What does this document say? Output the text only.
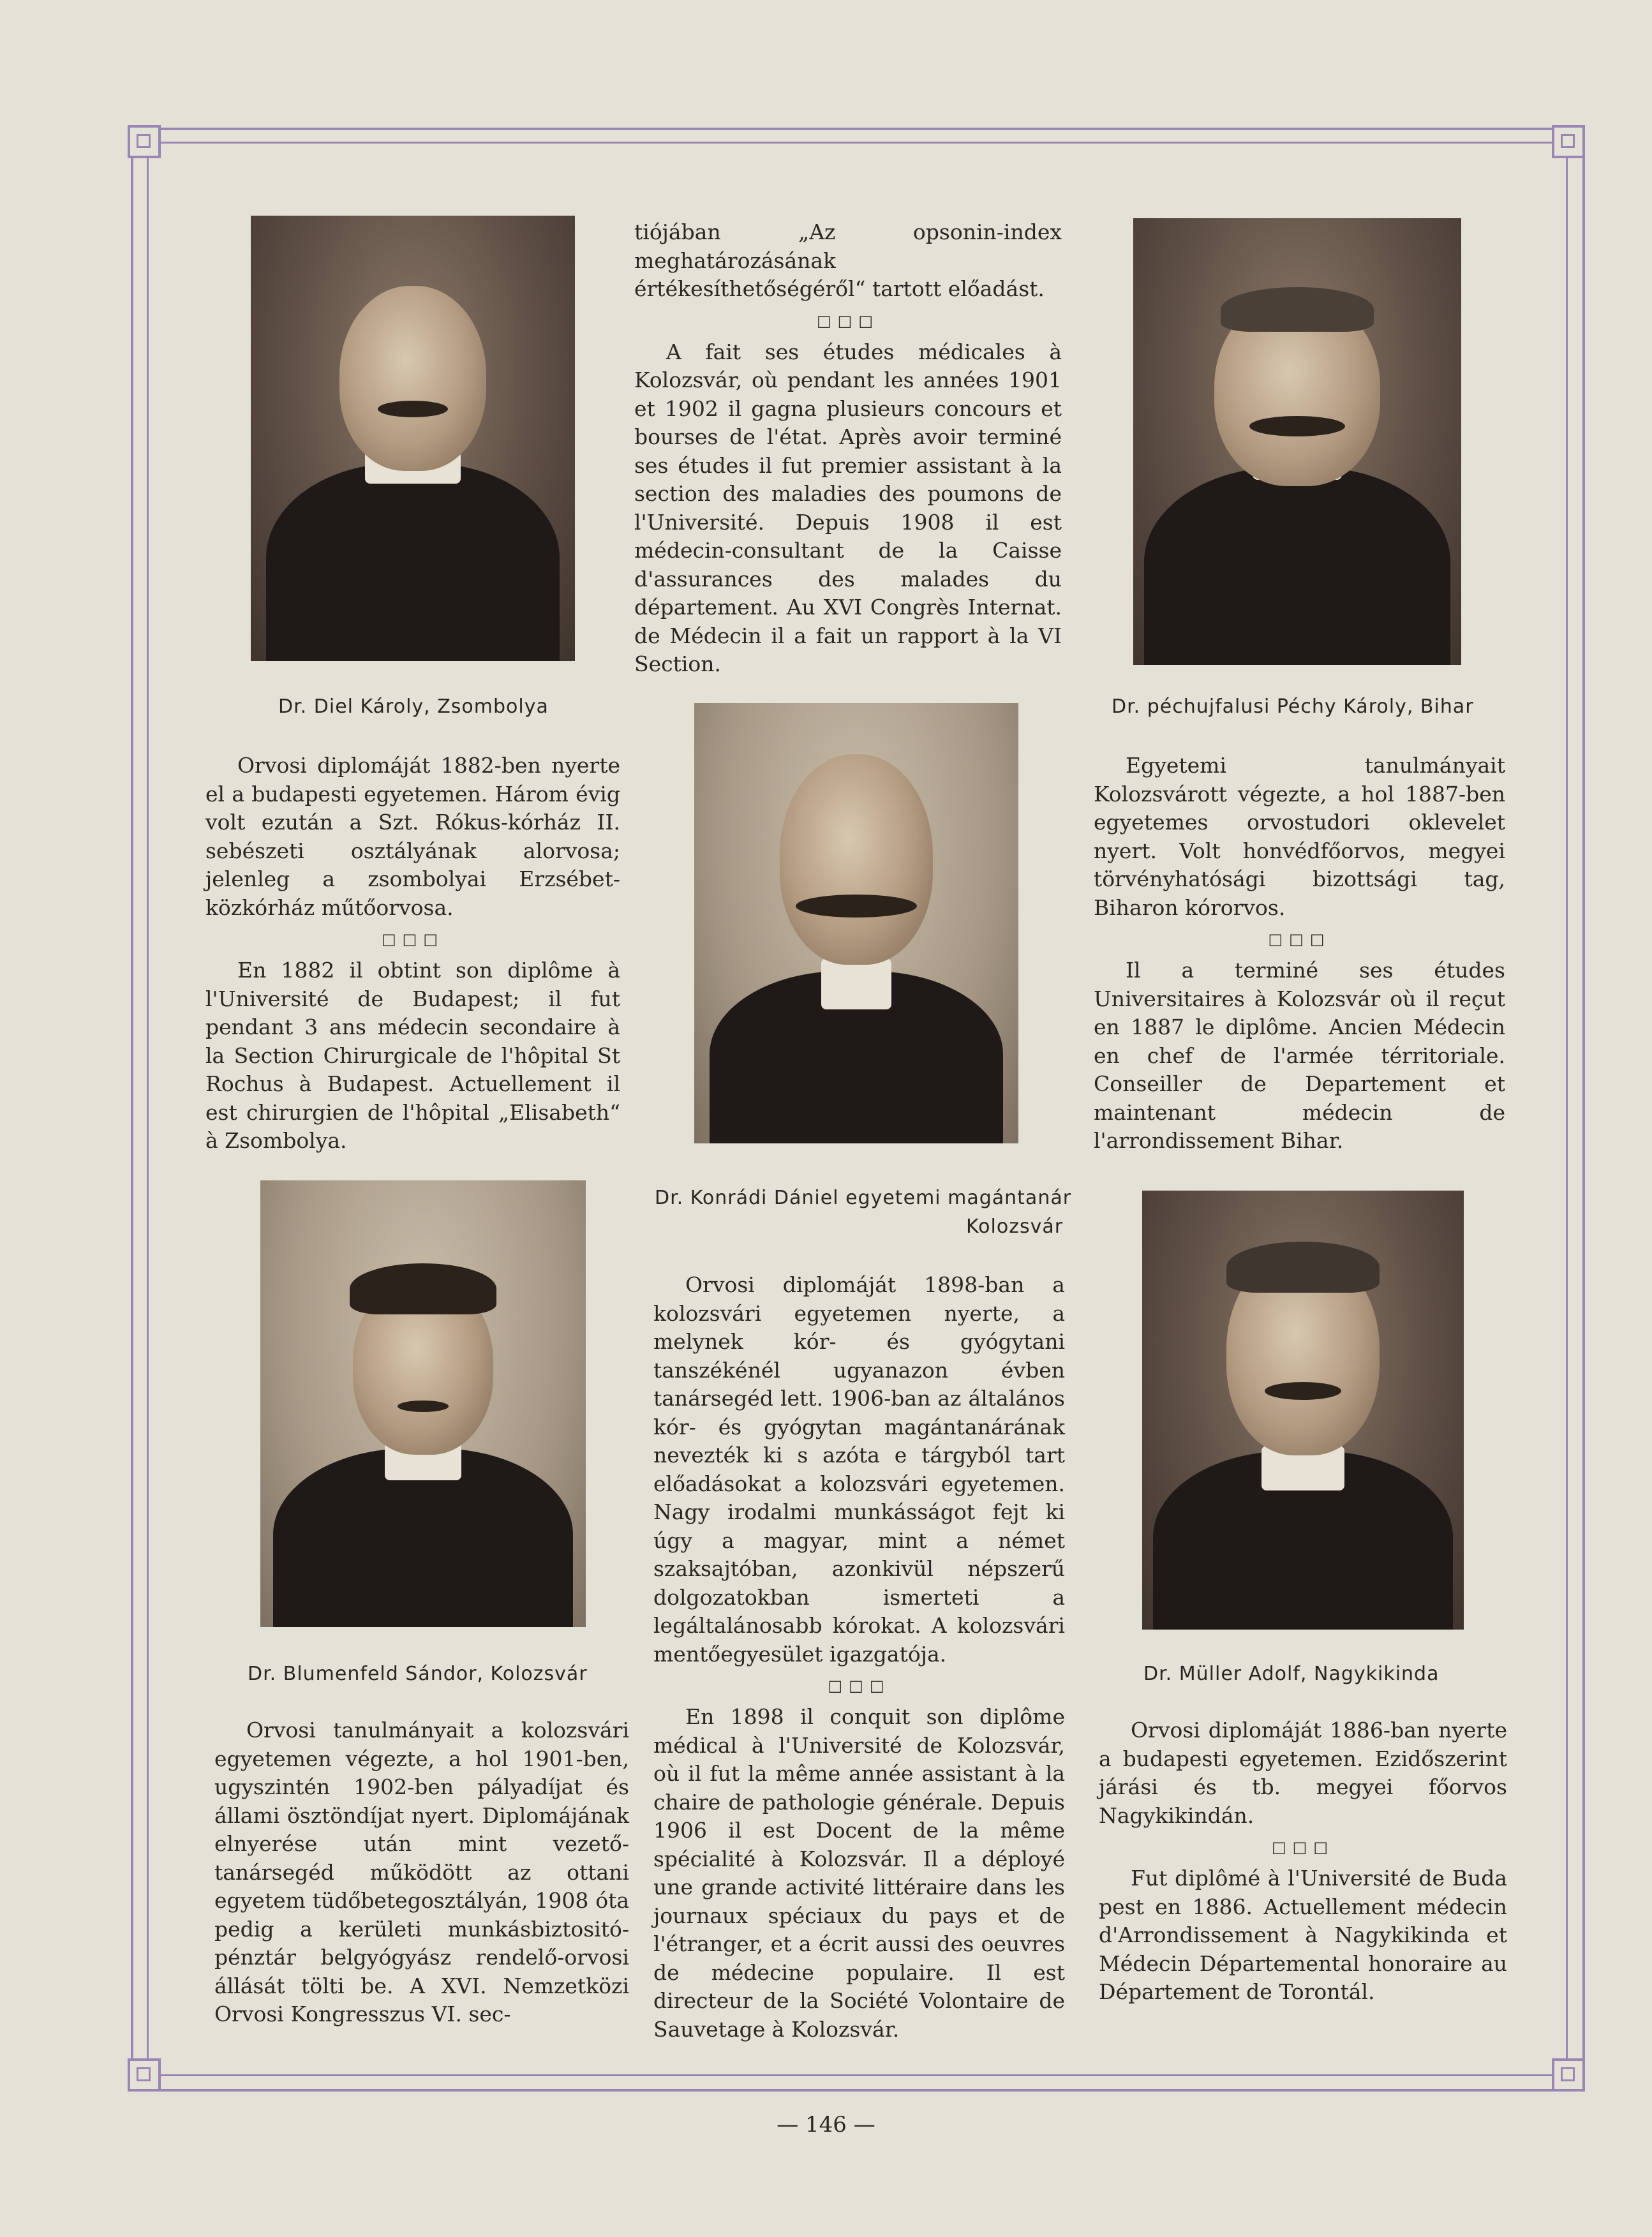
Dr. Diel Károly, Zsombolya	Dr. péchujfalusi Péchy Károly, Bihar
Dr. Konrádi Dániel egyetemi magántanár
Kolozsvár
Dr. Blumenfeld Sándor, Kolozsvár	Dr. Müller Adolf, Nagykikinda

tiójában „Az opsonin-index meghatározásának értékesíthetőségéről“ tartott előadást.

□□□

A fait ses études médicales à Kolozsvár, où pendant les années 1901 et 1902 il gagna plusieurs concours et bourses de l'état. Après avoir terminé ses études il fut premier assistant à la section des maladies des poumons de l'Université. Depuis 1908 il est médecin-consultant de la Caisse d'assurances des malades du département. Au XVI Congrès Internat. de Médecin il a fait un rapport à la VI Section.

Orvosi diplomáját 1882-ben nyerte el a budapesti egyetemen. Három évig volt ezután a Szt. Rókus-kórház II. sebészeti osztályának alorvosa; jelenleg a zsombolyai Erzsébet-közkórház műtőorvosa.

□□□

En 1882 il obtint son diplôme à l'Université de Budapest; il fut pendant 3 ans médecin secondaire à la Section Chirurgicale de l'hôpital St Rochus à Budapest. Actuellement il est chirurgien de l'hôpital „Elisabeth“ à Zsombolya.

Egyetemi tanulmányait Kolozsvárott végezte, a hol 1887-ben egyetemes orvostudori oklevelet nyert. Volt honvédfőorvos, megyei törvényhatósági bizottsági tag, Biharon kórorvos.

□□□

Il a terminé ses études Universitaires à Kolozsvár où il reçut en 1887 le diplôme. Ancien Médecin en chef de l'armée térritoriale. Conseiller de Departement et maintenant médecin de l'arrondissement Bihar.

Orvosi diplomáját 1898-ban a kolozsvári egyetemen nyerte, a melynek kór- és gyógytani tanszékénél ugyanazon évben tanársegéd lett. 1906-ban az általános kór- és gyógytan magántanárának nevezték ki s azóta e tárgyból tart előadásokat a kolozsvári egyetemen. Nagy irodalmi munkásságot fejt ki úgy a magyar, mint a német szaksajtóban, azonkivül népszerű dolgozatokban ismerteti a legáltalánosabb kórokat. A kolozsvári mentőegyesület igazgatója.

□□□

En 1898 il conquit son diplôme médical à l'Université de Kolozsvár, où il fut la même année assistant à la chaire de pathologie générale. Depuis 1906 il est Docent de la même spécialité à Kolozsvár. Il a déployé une grande activité littéraire dans les journaux spéciaux du pays et de l'étranger, et a écrit aussi des oeuvres de médecine populaire. Il est directeur de la Société Volontaire de Sauvetage à Kolozsvár.

Orvosi tanulmányait a kolozsvári egyetemen végezte, a hol 1901-ben, ugyszintén 1902-ben pályadíjat és állami ösztöndíjat nyert. Diplomájának elnyerése után mint vezető-tanársegéd működött az ottani egyetem tüdőbetegosztályán, 1908 óta pedig a kerületi munkásbiztositó-pénztár belgyógyász rendelő-orvosi állását tölti be. A XVI. Nemzetközi Orvosi Kongresszus VI. sec-

Orvosi diplomáját 1886-ban nyerte a budapesti egyetemen. Ezidőszerint járási és tb. megyei főorvos Nagykikindán.

□□□

Fut diplômé à l'Université de Buda pest en 1886. Actuellement médecin d'Arrondissement à Nagykikinda et Médecin Départemental honoraire au Département de Torontál.

— 146 —
